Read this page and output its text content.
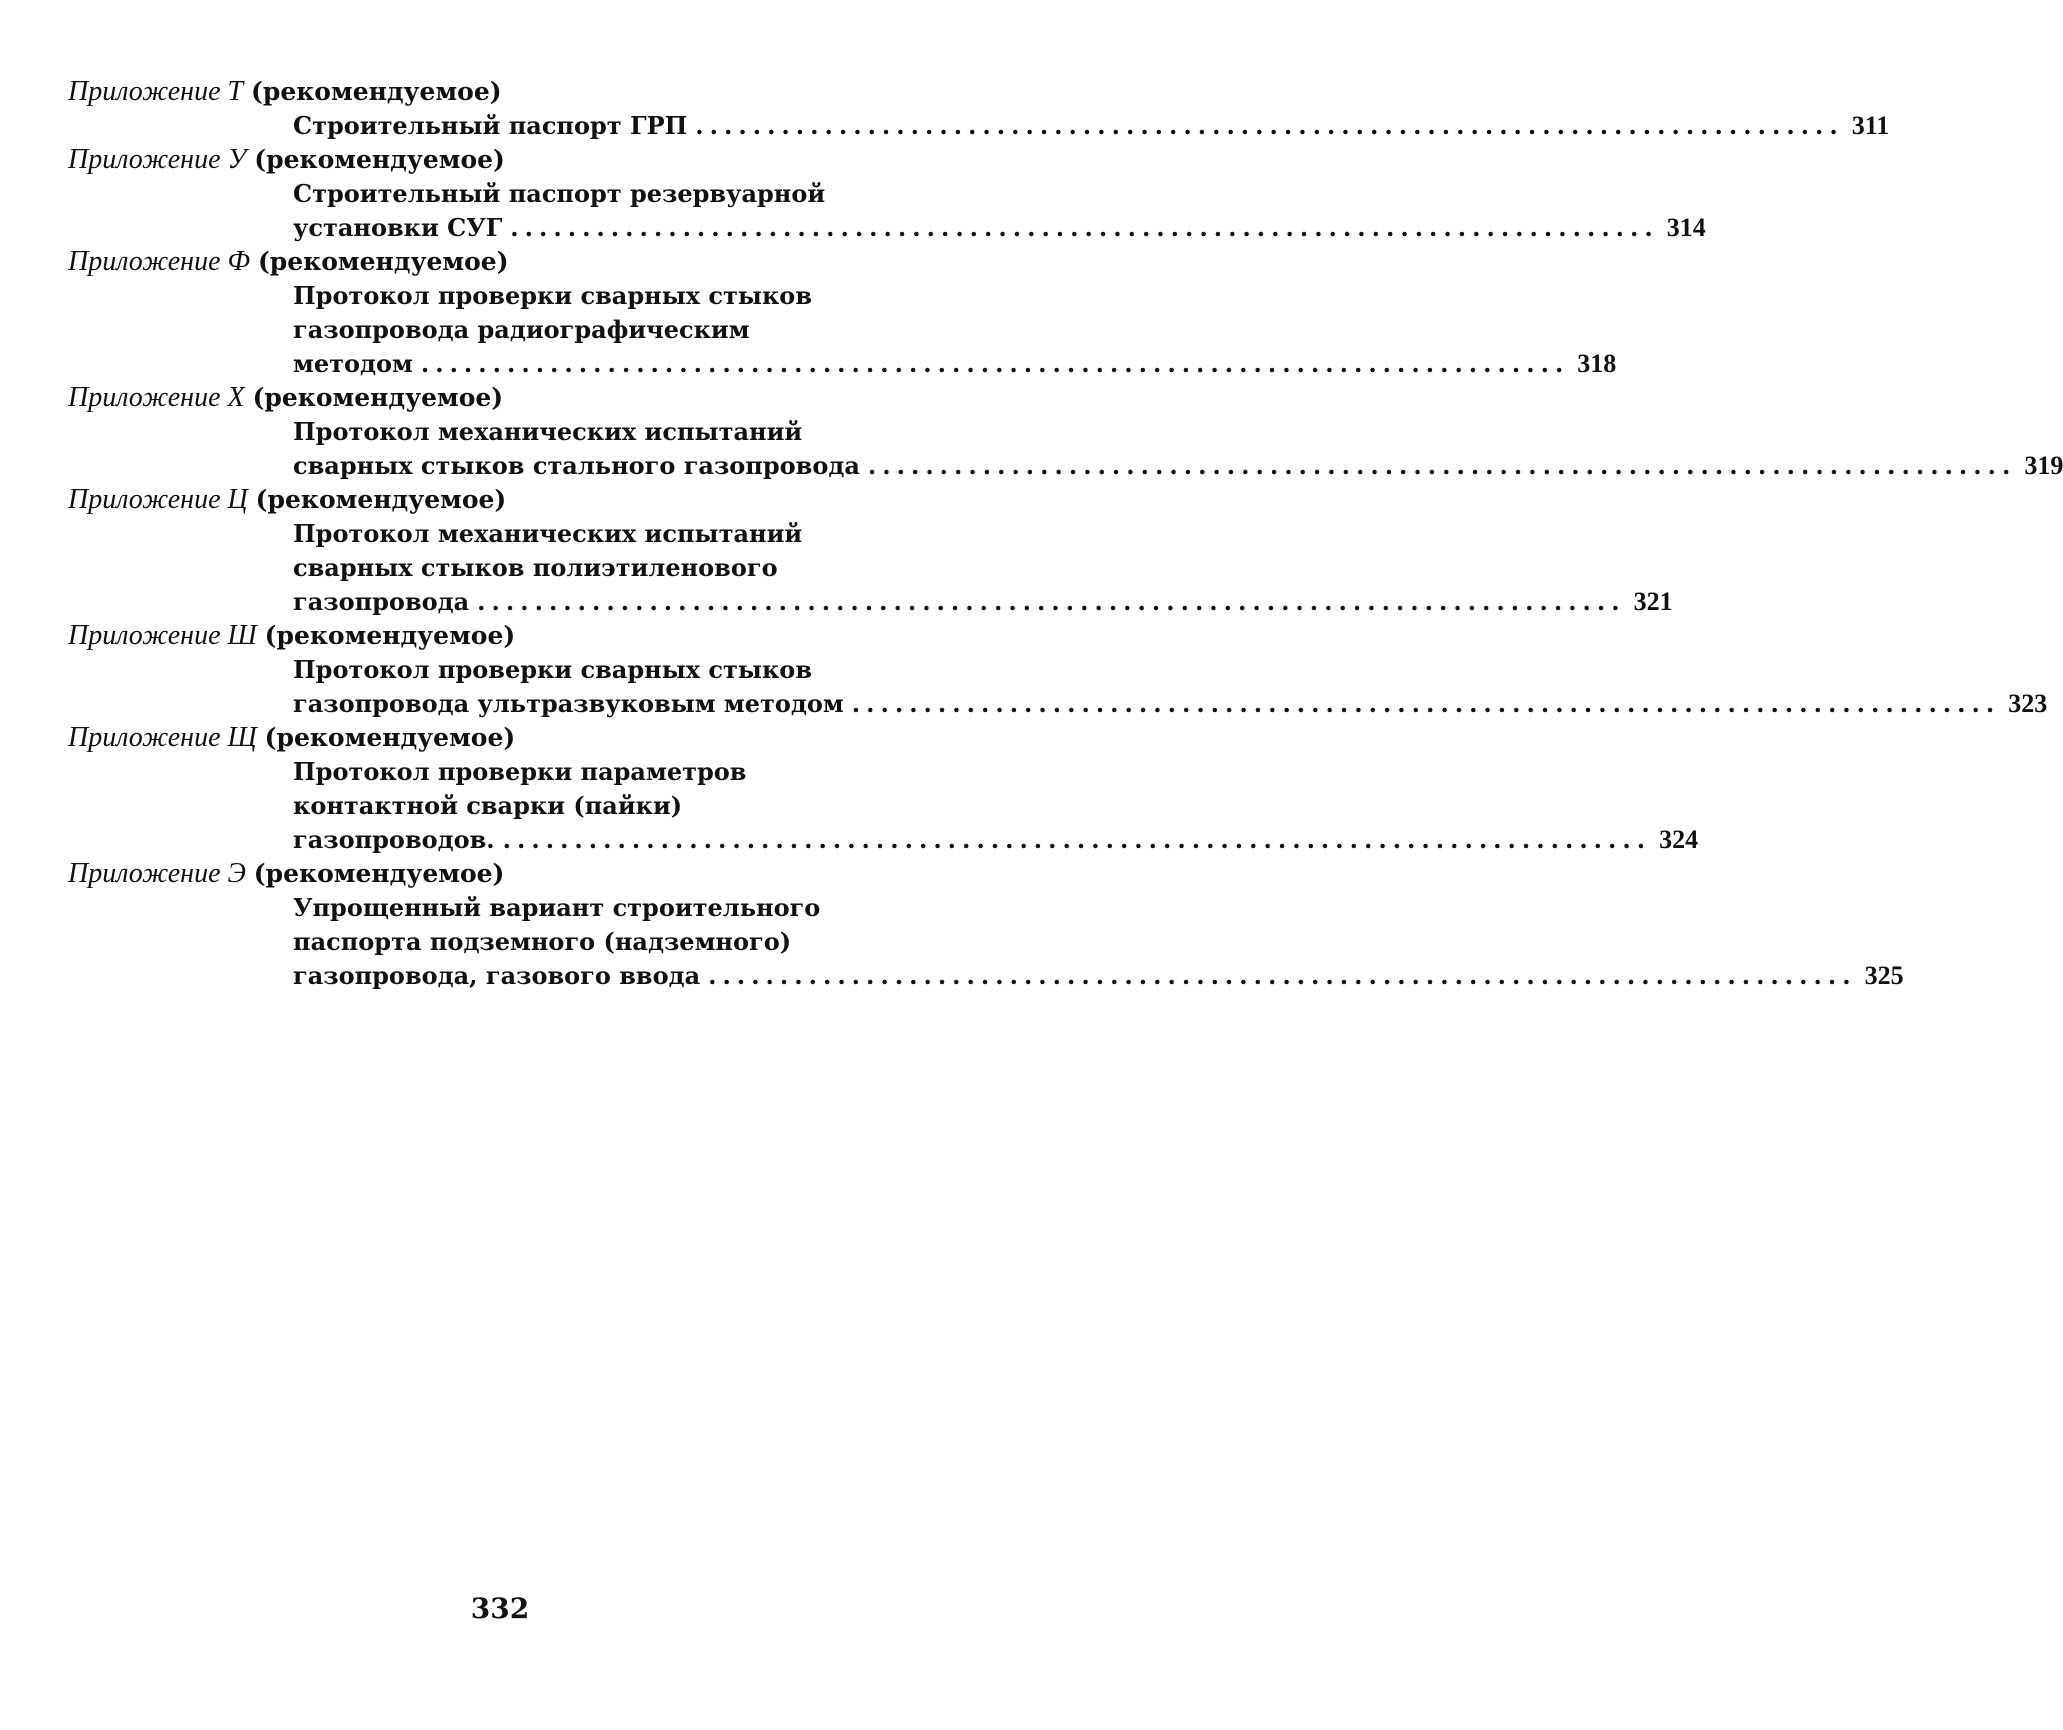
Приложение Т (рекомендуемое)
Строительный паспорт ГРП ................................................................................ 311
Приложение У (рекомендуемое)
Строительный паспорт резервуарной
установки СУГ ................................................................................ 314
Приложение Ф (рекомендуемое)
Протокол проверки сварных стыков
газопровода радиографическим
методом ................................................................................ 318
Приложение Х (рекомендуемое)
Протокол механических испытаний
сварных стыков стального газопровода ................................................................................ 319
Приложение Ц (рекомендуемое)
Протокол механических испытаний
сварных стыков полиэтиленового
газопровода ................................................................................ 321
Приложение Ш (рекомендуемое)
Протокол проверки сварных стыков
газопровода ультразвуковым методом ................................................................................ 323
Приложение Щ (рекомендуемое)
Протокол проверки параметров
контактной сварки (пайки)
газопроводов. ................................................................................ 324
Приложение Э (рекомендуемое)
Упрощенный вариант строительного
паспорта подземного (надземного)
газопровода, газового ввода ................................................................................ 325
332
